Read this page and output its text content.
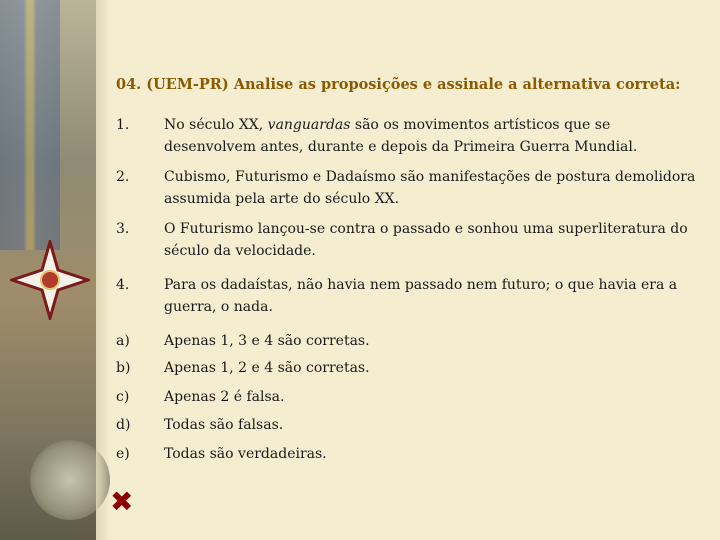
04. (UEM-PR) Analise as proposições e assinale a alternativa correta:
1.	No século XX, vanguardas são os movimentos artísticos que se desenvolvem antes, durante e depois da Primeira Guerra Mundial.
2.	Cubismo, Futurismo e Dadaísmo são manifestações de postura demolidora assumida pela arte do século XX.
3.	O Futurismo lançou-se contra o passado e sonhou uma superliteratura do século da velocidade.
4.	Para os dadaístas, não havia nem passado nem futuro; o que havia era a guerra, o nada.
a)	Apenas 1, 3 e 4 são corretas.
b)	Apenas 1, 2 e 4 são corretas.
c)	Apenas 2 é falsa.
d)	Todas são falsas.
e)	Todas são verdadeiras.
✖
